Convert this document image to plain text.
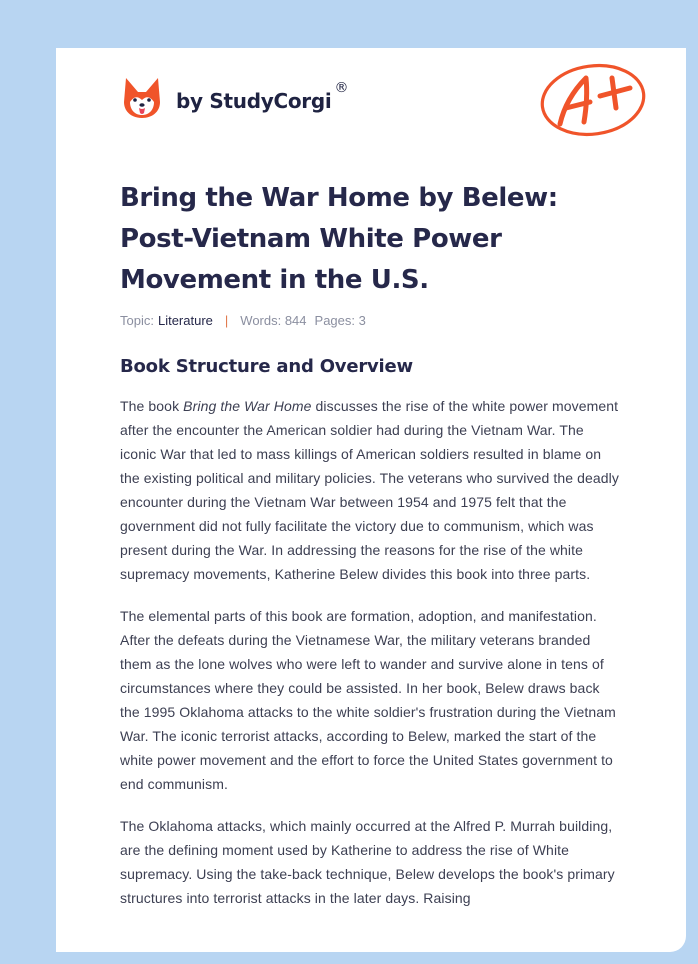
by StudyCorgi
®
Bring the War Home by Belew: Post-Vietnam White Power Movement in the U.S.
Topic: Literature | Words: 844 Pages: 3
Book Structure and Overview

The book Bring the War Home discusses the rise of the white power movement after the encounter the American soldier had during the Vietnam War. The iconic War that led to mass killings of American soldiers resulted in blame on the existing political and military policies. The veterans who survived the deadly encounter during the Vietnam War between 1954 and 1975 felt that the government did not fully facilitate the victory due to communism, which was present during the War. In addressing the reasons for the rise of the white supremacy movements, Katherine Belew divides this book into three parts.

The elemental parts of this book are formation, adoption, and manifestation. After the defeats during the Vietnamese War, the military veterans branded them as the lone wolves who were left to wander and survive alone in tens of circumstances where they could be assisted. In her book, Belew draws back the 1995 Oklahoma attacks to the white soldier's frustration during the Vietnam War. The iconic terrorist attacks, according to Belew, marked the start of the white power movement and the effort to force the United States government to end communism.

The Oklahoma attacks, which mainly occurred at the Alfred P. Murrah building, are the defining moment used by Katherine to address the rise of White supremacy. Using the take-back technique, Belew develops the book's primary structures into terrorist attacks in the later days. Raising
